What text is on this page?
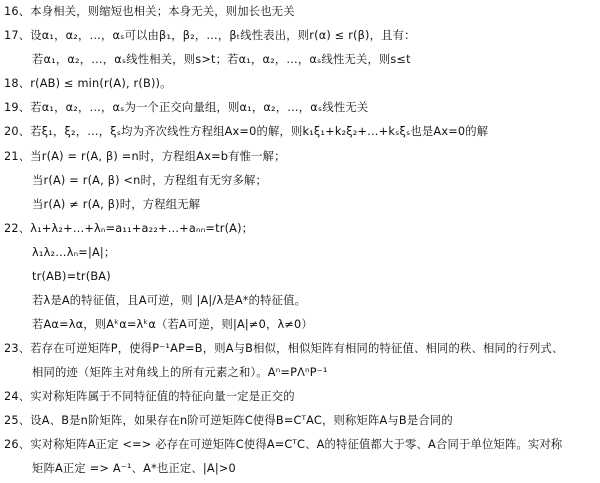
16、本身相关，则缩短也相关；本身无关，则加长也无关
17、设α₁，α₂，…，αₛ可以由β₁，β₂，…，βₜ线性表出，则r(α) ≤ r(β)，且有：
若α₁，α₂，…，αₛ线性相关，则s>t；若α₁，α₂，…，αₛ线性无关，则s≤t
18、r(AB) ≤ min(r(A), r(B))。
19、若α₁，α₂，…，αₛ为一个正交向量组，则α₁，α₂，…，αₛ线性无关
20、若ξ₁，ξ₂，…，ξₛ均为齐次线性方程组Ax=0的解，则k₁ξ₁+k₂ξ₂+…+kₛξₛ也是Ax=0的解
21、当r(A) = r(A, β) =n时，方程组Ax=b有惟一解；
当r(A) = r(A, β) <n时，方程组有无穷多解；
当r(A) ≠ r(A, β)时，方程组无解
22、λ₁+λ₂+…+λₙ=a₁₁+a₂₂+…+aₙₙ=tr(A)；
λ₁λ₂…λₙ=|A|；
tr(AB)=tr(BA)
若λ是A的特征值，且A可逆，则 |A|/λ是A*的特征值。
若Aα=λα，则Aᵏα=λᵏα（若A可逆，则|A|≠0，λ≠0）
23、若存在可逆矩阵P，使得P⁻¹AP=B，则A与B相似，相似矩阵有相同的特征值、相同的秩、相同的行列式、
相同的迹（矩阵主对角线上的所有元素之和）。Aⁿ=PΛⁿP⁻¹
24、实对称矩阵属于不同特征值的特征向量一定是正交的
25、设A、B是n阶矩阵，如果存在n阶可逆矩阵C使得B=CᵀAC，则称矩阵A与B是合同的
26、实对称矩阵A正定 <=> 必存在可逆矩阵C使得A=CᵀC、A的特征值都大于零、A合同于单位矩阵。实对称
矩阵A正定 => A⁻¹、A*也正定、|A|>0
